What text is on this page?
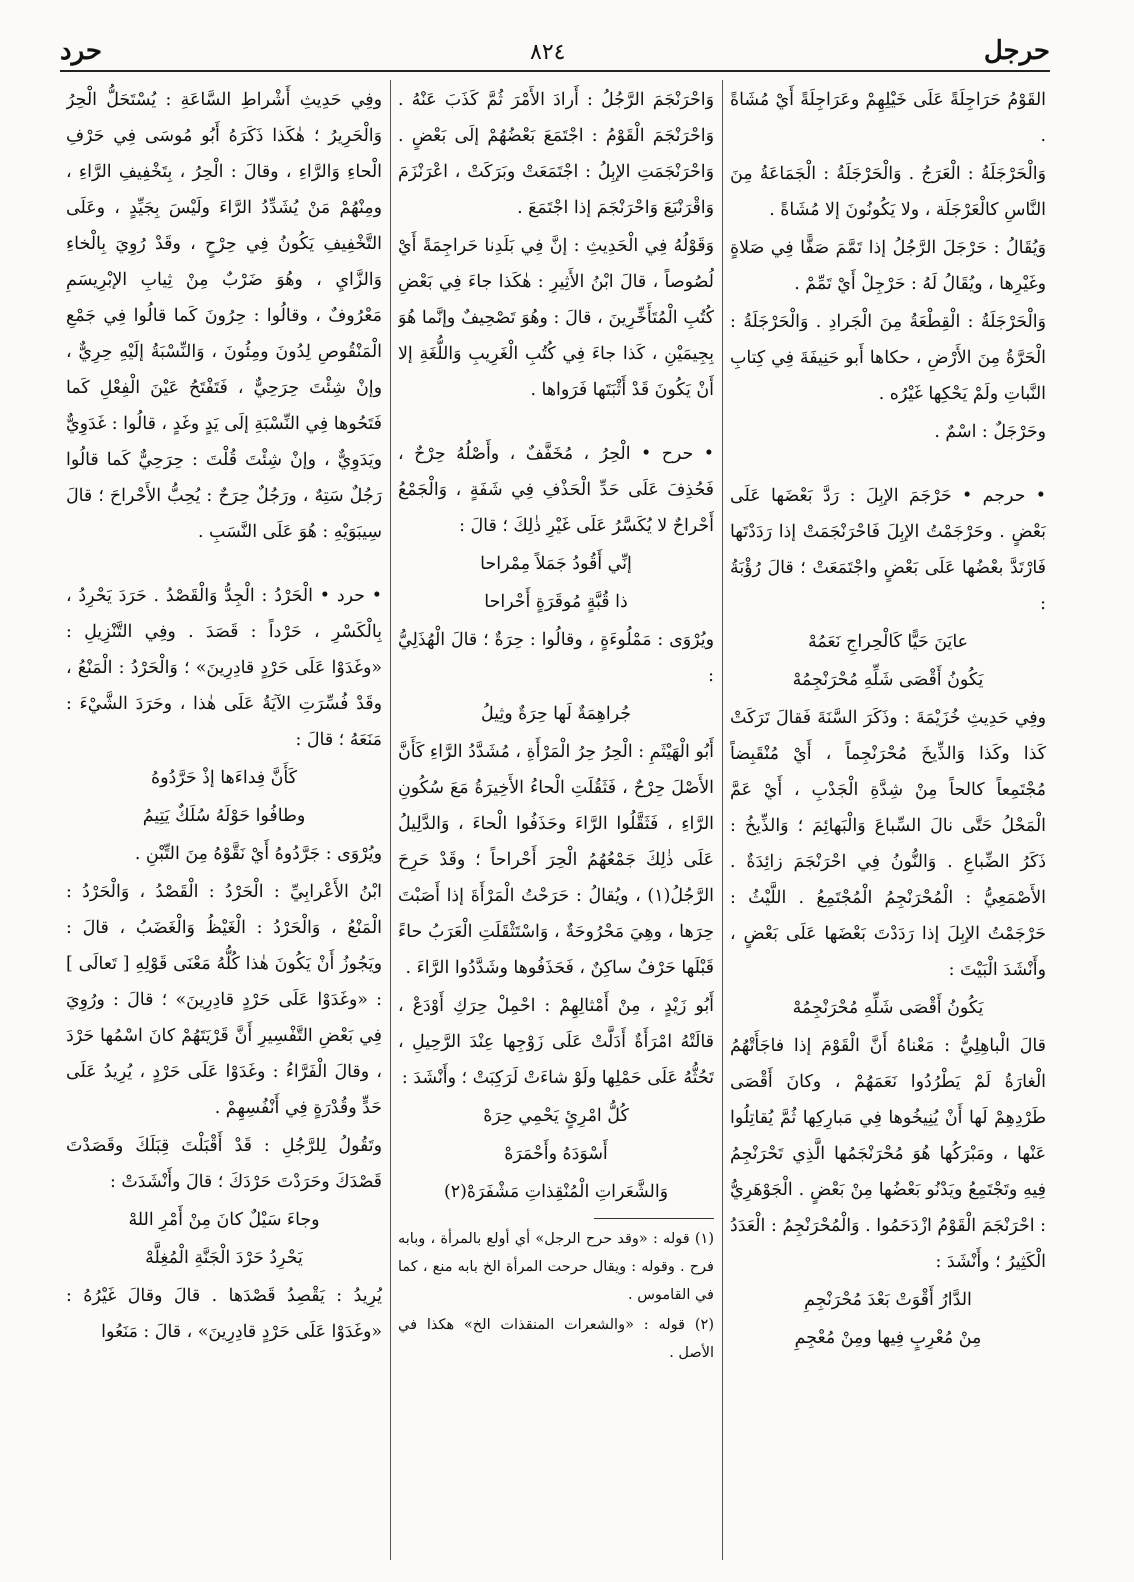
حرجل
٨٢٤
حرد

القَوْمُ حَرَاجِلَةً عَلَى خَيْلِهِمْ وعَرَاجِلَةً أَيْ مُشَاةً .

وَالْحَرْجَلَةُ : الْعَرَجُ . وَالْحَرْجَلَةُ : الْجَمَاعَةُ مِنَ النَّاسِ كالْعَرْجَلَة ، ولا يَكُونُونَ إلا مُشَاةً .

وَيُقَالُ : حَرْجَلَ الرَّجُلُ إذا تَمَّمَ صَفًّا فِي صَلاةٍ وغَيْرِها ، ويُقَالُ لَهُ : حَرْجِلْ أَيْ تَمِّمْ .

وَالْحَرْجَلَةُ : الْقِطْعَةُ مِنَ الْجَرادِ . وَالْحَرْجَلَةُ : الْحَرَّةُ مِنَ الأَرْضِ ، حكاها أَبو حَنِيفَةَ فِي كِتابِ النَّباتِ ولَمْ يَحْكِها غَيْرُه .

وحَرْجَلٌ : اسْمٌ .

• حرجم • حَرْجَمَ الإبِلَ : رَدَّ بَعْضَها عَلَى بَعْضٍ . وحَرْجَمْتُ الإبِلَ فَاحْرَنْجَمَتْ إذا رَدَدْتَها فَارْتَدَّ بعْضُها عَلَى بَعْضٍ واجْتَمَعَتْ ؛ قالَ رُؤْبَةُ :

عايَنَ حَيًّا كَالْحِراجِ نَعَمُهْ

يَكُونُ أَقْصَى شَلِّهِ مُحْرَنْجِمُهْ

وفِي حَدِيثِ خُزَيْمَةَ : وذَكَرَ السَّنَةَ فَقالَ تَرَكَتْ كَذا وكَذا وَالذِّيخَ مُحْرَنْجِماً ، أَيْ مُنْقَبِضاً مُجْتَمِعاً كالحاً مِنْ شِدَّةِ الْجَدْبِ ، أَيْ عَمَّ الْمَحْلُ حَتَّى نالَ السِّباعَ وَالْبَهائِمَ ؛ وَالذِّيخُ : ذَكَرُ الضِّباعِ . وَالنُّونُ فِي احْرَنْجَمَ زائِدَةٌ . الأَصْمَعِيُّ : الْمُحْرَنْجِمُ الْمُجْتَمِعُ . اللَّيْثُ : حَرْجَمْتُ الإبِلَ إذا رَدَدْتَ بَعْضَها عَلَى بَعْضٍ ، وأَنْشَدَ الْبَيْتَ :

يَكُونُ أَقْصَى شَلِّهِ مُحْرَنْجِمُهْ

قالَ الْباهِلِيُّ : مَعْناهُ أَنَّ الْقَوْمَ إذا فاجَأَتْهُمُ الْغارَةُ لَمْ يَطْرُدُوا نَعَمَهُمْ ، وكانَ أَقْصَى طَرْدِهِمْ لَها أَنْ يُنِيخُوها فِي مَبارِكِها ثُمَّ يُقاتِلُوا عَنْها ، ومَبْرَكُها هُوَ مُحْرَنْجَمُها الَّذِي تَحْرَنْجِمُ فِيهِ وتَجْتَمِعُ ويَدْنُو بَعْضُها مِنْ بَعْضٍ . الْجَوْهَرِيُّ : احْرَنْجَمَ الْقَوْمُ ازْدَحَمُوا . وَالْمُحْرَنْجِمُ : الْعَدَدُ الْكَثِيرُ ؛ وأَنْشَدَ :

الدَّارُ أَقْوَتْ بَعْدَ مُحْرَنْجِمِ

مِنْ مُعْرِبٍ فِيها ومِنْ مُعْجِمِ

وَاحْرَنْجَمَ الرَّجُلُ : أَرادَ الأَمْرَ ثُمَّ كَذَبَ عَنْهُ . وَاحْرَنْجَمَ الْقَوْمُ : اجْتَمَعَ بَعْضُهُمْ إلَى بَعْضٍ . وَاحْرَنْجَمَتِ الإبِلُ : اجْتَمَعَتْ وبَرَكَتْ ، اعْرَنْزَمَ وَاقْرَنْبَعَ وَاحْرَنْجَمَ إذا اجْتَمَعَ .

وَقَوْلُهُ فِي الْحَدِيثِ : إنَّ فِي بَلَدِنا حَراجِمَةً أَيْ لُصُوصاً ، قالَ ابْنُ الأَثِيرِ : هٰكَذا جاءَ فِي بَعْضِ كُتُبِ الْمُتَأَخِّرِينَ ، قالَ : وهُوَ تَصْحِيفٌ وإنَّما هُوَ بِجِيمَيْنِ ، كَذا جاءَ فِي كُتُبِ الْغَرِيبِ وَاللُّغَةِ إلا أَنْ يَكُونَ قَدْ أَثْبَتَها فَرَواها .

• حرح • الْحِرُ ، مُخَفَّفٌ ، وأَصْلُهُ حِرْحٌ ، فَحُذِفَ عَلَى حَدِّ الْحَذْفِ فِي شَفَةٍ ، وَالْجَمْعُ أَحْراحٌ لا يُكَسَّرُ عَلَى غَيْرِ ذٰلِكَ ؛ قالَ :

إنِّي أَقُودُ جَمَلاً مِمْراحا

ذا قُبَّةٍ مُوقَرَةٍ أَحْراحا

ويُرْوَى : مَمْلُوءَةٍ ، وقالُوا : حِرَةٌ ؛ قالَ الْهُذَلِيُّ :

جُراهِمَةٌ لَها حِرَةٌ وثِيلُ

أَبُو الْهَيْثَمِ : الْحِرُ حِرُ الْمَرْأَةِ ، مُشَدَّدُ الرَّاءِ كَأَنَّ الأَصْلَ حِرْحٌ ، فَثَقُلَتِ الْحاءُ الأَخِيرَةُ مَعَ سُكُونِ الرَّاءِ ، فَثَقَّلُوا الرَّاءَ وحَذَفُوا الْحاءَ ، وَالدَّلِيلُ عَلَى ذٰلِكَ جَمْعُهُمُ الْحِرَ أَحْراحاً ؛ وقَدْ حَرِحَ الرَّجُلُ(١) ، ويُقالُ : حَرَحْتُ الْمَرْأَةَ إذا أَصَبْتَ حِرَها ، وهِيَ مَحْرُوحَةٌ ، وَاسْتَثْقَلَتِ الْعَرَبُ حاءً قَبْلَها حَرْفٌ ساكِنٌ ، فَحَذَفُوها وشَدَّدُوا الرَّاءَ .

أَبُو زَيْدٍ ، مِنْ أَمْثالِهِمْ : احْمِلْ حِرَكِ أَوْدَعْ ، قالَتْهُ امْرَأَةٌ أَدَلَّتْ عَلَى زَوْجِها عِنْدَ الرَّحِيلِ ، تَحُثُّهُ عَلَى حَمْلِها ولَوْ شاءَتْ لَرَكِبَتْ ؛ وأَنْشَدَ :

كُلُّ امْرِئٍ يَحْمِي حِرَهْ

أَسْوَدَهُ وأَحْمَرَهْ

وَالشَّعَراتِ الْمُنْقِذاتِ مَشْفَرَهْ(٢)

(١) قوله : «وقد حرح الرجل» أي أولع بالمرأة ، وبابه فرح . وقوله : ويقال حرحت المرأة الخ بابه منع ، كما في القاموس .

(٢) قوله : «والشعرات المنقذات الخ» هكذا في الأصل .

وفِي حَدِيثِ أَشْراطِ السَّاعَةِ : يُسْتَحَلُّ الْحِرُ وَالْحَرِيرُ ؛ هٰكَذا ذَكَرَهُ أَبُو مُوسَى فِي حَرْفِ الْحاءِ وَالرَّاءِ ، وقالَ : الْحِرُ ، بِتَخْفِيفِ الرَّاءِ ، ومِنْهُمْ مَنْ يُشَدِّدُ الرَّاءَ ولَيْسَ بِجَيِّدٍ ، وعَلَى التَّخْفِيفِ يَكُونُ فِي حِرْحٍ ، وقَدْ رُوِيَ بِالْخاءِ وَالزَّايِ ، وهُوَ ضَرْبٌ مِنْ ثِيابِ الإبْرِيسَمِ مَعْرُوفٌ ، وقالُوا : حِرُونَ كَما قالُوا فِي جَمْعِ الْمَنْقُوصِ لِدُونَ ومِئُونَ ، وَالنِّسْبَةُ إلَيْهِ حِرِيٌّ ، وإنْ شِئْتَ حِرَحِيٌّ ، فَتَفْتَحُ عَيْنَ الْفِعْلِ كَما فَتَحُوها فِي النِّسْبَةِ إلَى يَدٍ وغَدٍ ، قالُوا : غَدَوِيٌّ ويَدَوِيٌّ ، وإنْ شِئْتَ قُلْتَ : حِرَحِيٌّ كَما قالُوا رَجُلٌ سَتِهٌ ، ورَجُلٌ حِرَحٌ : يُحِبُّ الأَحْراحَ ؛ قالَ سِيبَوَيْهِ : هُوَ عَلَى النَّسَبِ .

• حرد • الْحَرْدُ : الْجِدُّ وَالْقَصْدُ . حَرَدَ يَحْرِدُ ، بِالْكَسْرِ ، حَرْداً : قَصَدَ . وفِي التَّنْزِيلِ : «وغَدَوْا عَلَى حَرْدٍ قادِرِينَ» ؛ وَالْحَرْدُ : الْمَنْعُ ، وقَدْ فُسِّرَتِ الآيَةُ عَلَى هٰذا ، وحَرَدَ الشَّيْءَ : مَنَعَهُ ؛ قالَ :

كَأَنَّ فِداءَها إذْ حَرَّدُوهُ

وطافُوا حَوْلَهُ سُلَكٌ يَتِيمُ

ويُرْوَى : جَرَّدُوهُ أَيْ نَقَّوْهُ مِنَ التِّبْنِ .

ابْنُ الأَعْرابِيِّ : الْحَرْدُ : الْقَصْدُ ، وَالْحَرْدُ : الْمَنْعُ ، وَالْحَرْدُ : الْغَيْظُ وَالْغَضَبُ ، قالَ : ويَجُوزُ أَنْ يَكُونَ هٰذا كُلُّهُ مَعْنَى قَوْلِهِ [ تَعالَى ] : «وغَدَوْا عَلَى حَرْدٍ قادِرِينَ» ؛ قالَ : ورُوِيَ فِي بَعْضِ التَّفْسِيرِ أَنَّ قَرْيَتَهُمْ كانَ اسْمُها حَرْدَ ، وقالَ الْفَرَّاءُ : وغَدَوْا عَلَى حَرْدٍ ، يُرِيدُ عَلَى حَدٍّ وقُدْرَةٍ فِي أَنْفُسِهِمْ .

وتَقُولُ لِلرَّجُلِ : قَدْ أَقْبَلْتَ قِبَلَكَ وقَصَدْتَ قَصْدَكَ وحَرَدْتَ حَرْدَكَ ؛ قالَ وأَنْشَدَتْ :

وجاءَ سَيْلٌ كانَ مِنْ أَمْرِ اللهْ

يَحْرِدُ حَرْدَ الْجَنَّةِ الْمُغِلَّهْ

يُرِيدُ : يَقْصِدُ قَصْدَها . قالَ وقالَ غَيْرُهُ : «وغَدَوْا عَلَى حَرْدٍ قادِرِينَ» ، قالَ : مَنَعُوا
